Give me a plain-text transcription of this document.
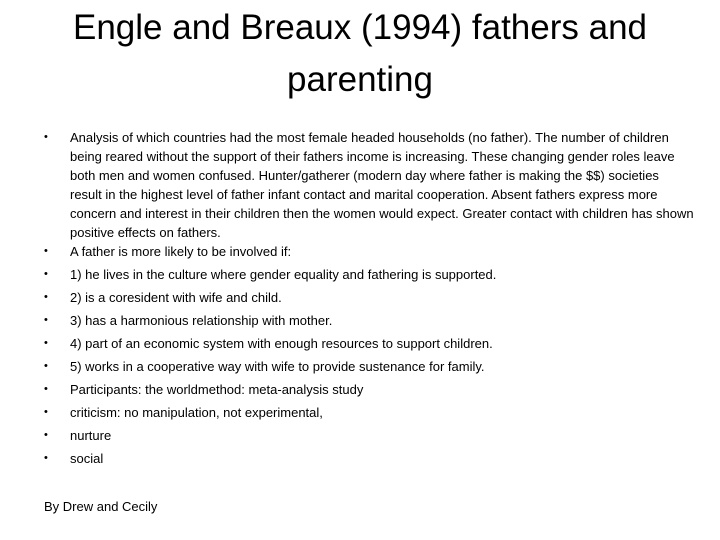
Engle and Breaux (1994) fathers and parenting
•	Analysis of which countries had the most female headed households (no father). The number of children being reared without the support of their fathers income is increasing. These changing gender roles leave both men and women confused. Hunter/gatherer (modern day where father is making the $$) societies result in the highest level of father infant contact and marital cooperation. Absent fathers express more concern and interest in their children then the women would expect. Greater contact with children has shown positive effects on fathers.
•	A father is more likely to be involved if:
•	1) he lives in the culture where gender equality and fathering is supported.
•	2) is a coresident with wife and child.
•	3) has a harmonious relationship with mother.
•	4) part of an economic system with enough resources to support children.
•	5) works in a cooperative way with wife to provide sustenance for family.
•	Participants: the worldmethod: meta-analysis study
•	criticism: no manipulation, not experimental,
•	nurture
•	social

By Drew and Cecily
